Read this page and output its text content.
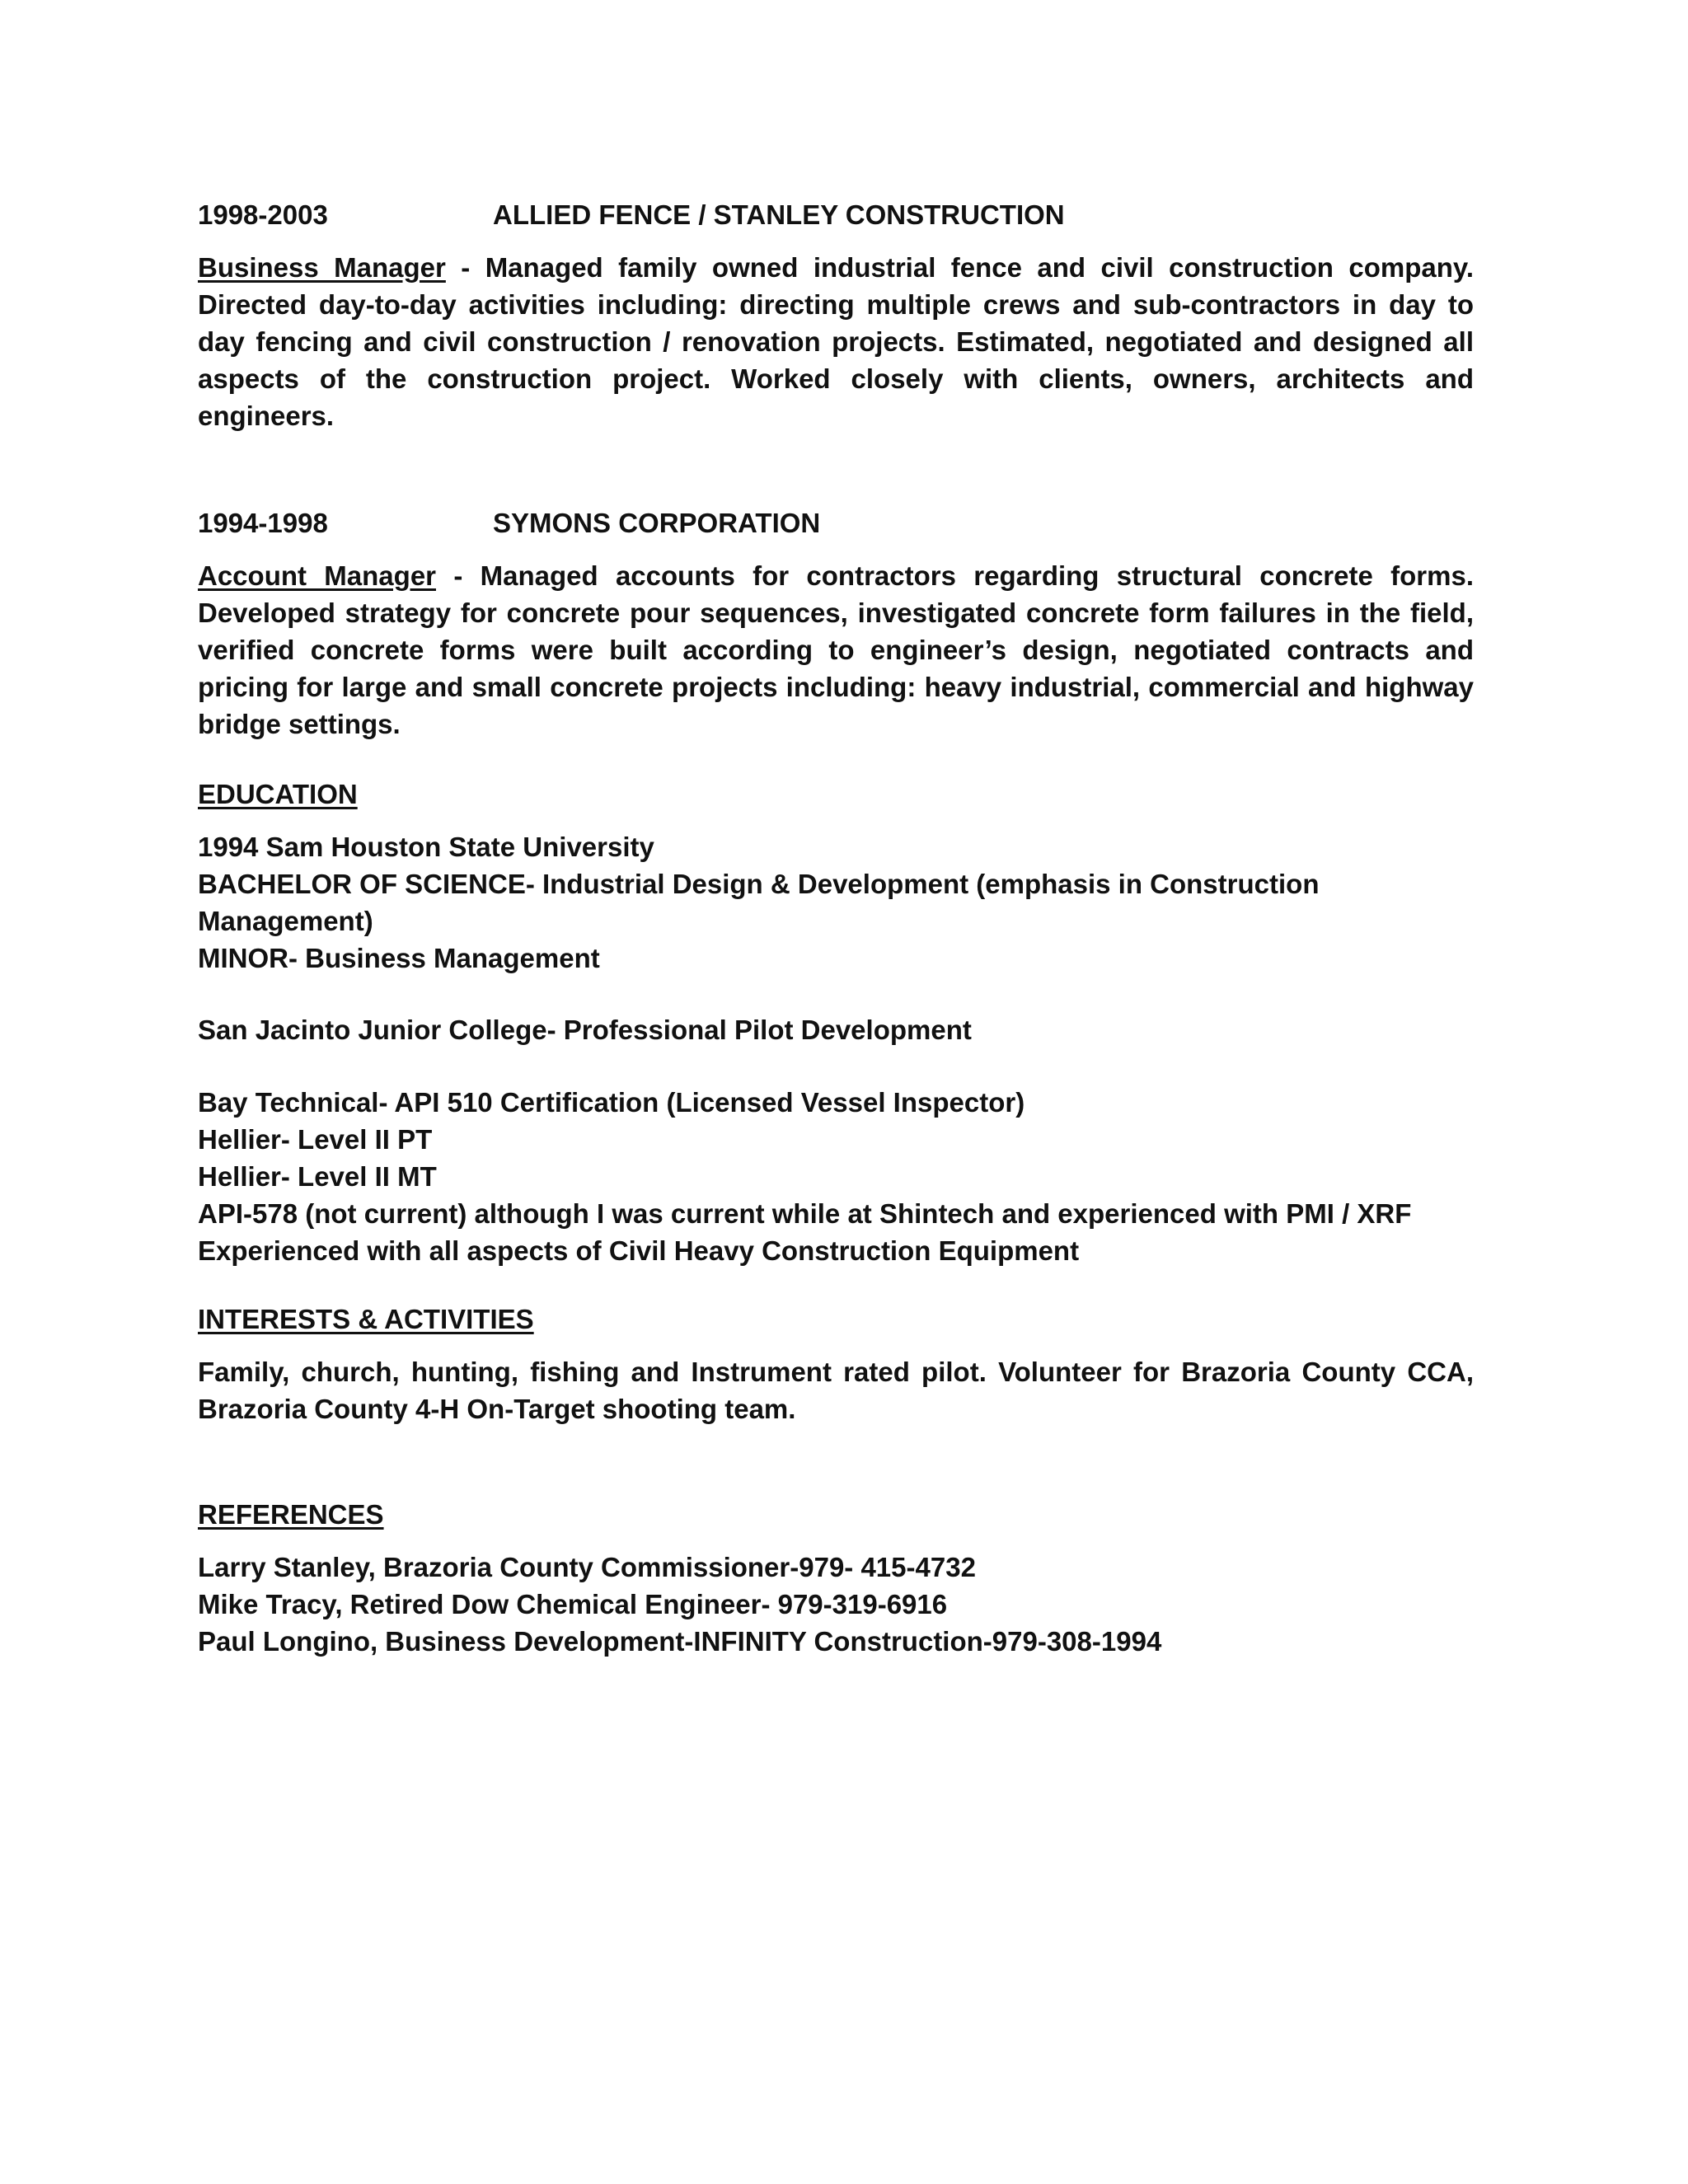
1998-2003	ALLIED FENCE / STANLEY CONSTRUCTION
Business Manager - Managed family owned industrial fence and civil construction company. Directed day-to-day activities including: directing multiple crews and sub-contractors in day to day fencing and civil construction / renovation projects. Estimated, negotiated and designed all aspects of the construction project. Worked closely with clients, owners, architects and engineers.
1994-1998	SYMONS CORPORATION
Account Manager - Managed accounts for contractors regarding structural concrete forms. Developed strategy for concrete pour sequences, investigated concrete form failures in the field, verified concrete forms were built according to engineer’s design, negotiated contracts and pricing for large and small concrete projects including: heavy industrial, commercial and highway bridge settings.
EDUCATION
1994 Sam Houston State University
BACHELOR OF SCIENCE- Industrial Design & Development (emphasis in Construction Management)
MINOR- Business Management
San Jacinto Junior College- Professional Pilot Development
Bay Technical- API 510 Certification (Licensed Vessel Inspector)
Hellier- Level II PT
Hellier- Level II MT
API-578 (not current) although I was current while at Shintech and experienced with PMI / XRF
Experienced with all aspects of Civil Heavy Construction Equipment
INTERESTS & ACTIVITIES
Family, church, hunting, fishing and Instrument rated pilot. Volunteer for Brazoria County CCA, Brazoria County 4-H On-Target shooting team.
REFERENCES
Larry Stanley, Brazoria County Commissioner-979- 415-4732
Mike Tracy, Retired Dow Chemical Engineer- 979-319-6916
Paul Longino, Business Development-INFINITY Construction-979-308-1994
